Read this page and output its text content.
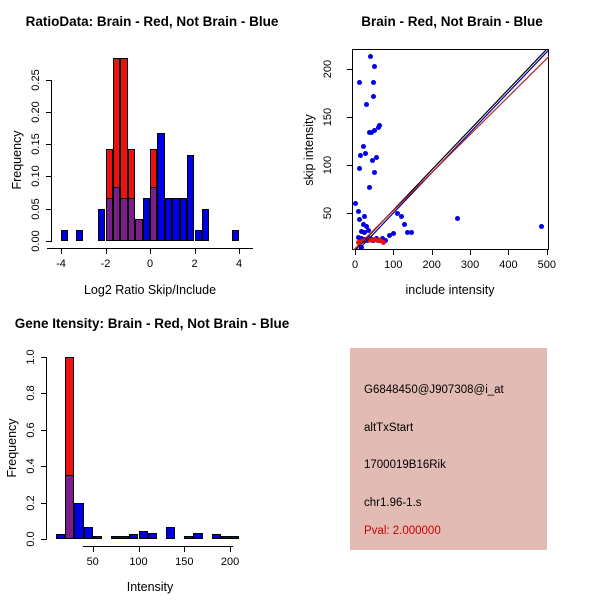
RatioData: Brain - Red, Not Brain - Blue
Frequency
Log2 Ratio Skip/Include
Brain - Red, Not Brain - Blue
skip intensity
include intensity
Gene Itensity: Brain - Red, Not Brain - Blue
Frequency
Intensity
G6848450@J907308@i_at
altTxStart
1700019B16Rik
chr1.96-1.s
Pval: 2.000000
-4	-2	0	2	4
0.00
0.05
0.10
0.15
0.20
0.25
50	100	150	200
0.0
0.2
0.4
0.6
0.8
1.0
0	100	200	300	400	500
50
100
150
200
